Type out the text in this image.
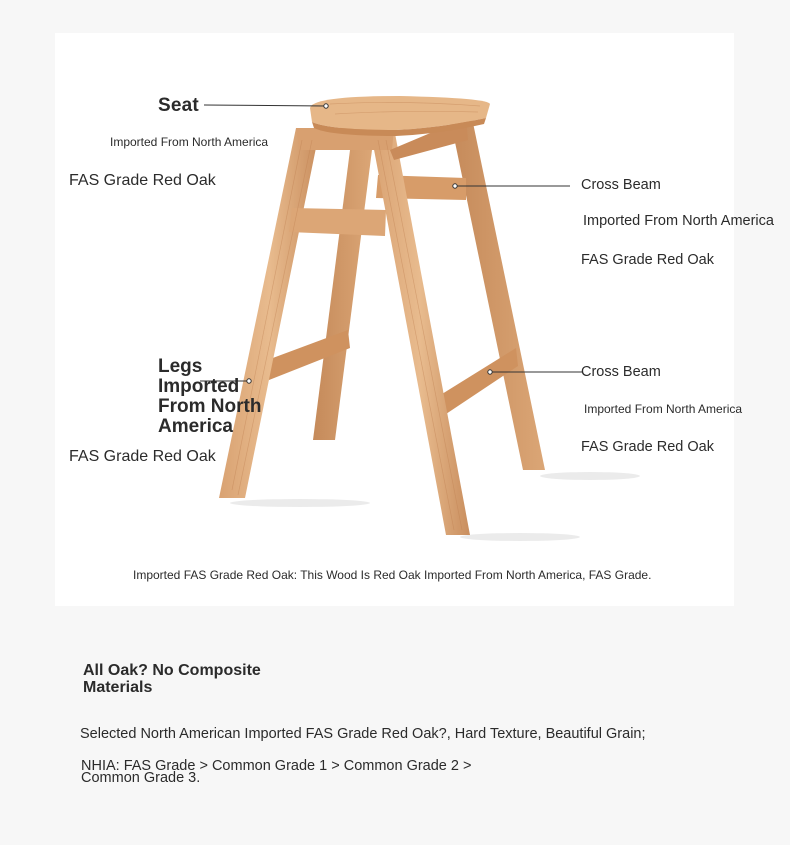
Seat
Imported From North America
FAS Grade Red Oak	Cross Beam
Imported From North America
FAS Grade Red Oak
Legs Imported From North America
FAS Grade Red Oak
Cross Beam
Imported From North America
FAS Grade Red Oak
Imported FAS Grade Red Oak: This Wood Is Red Oak Imported From North America, FAS Grade.
All Oak? No Composite Materials
Selected North American Imported FAS Grade Red Oak?, Hard Texture, Beautiful Grain;
NHIA: FAS Grade > Common Grade 1 > Common Grade 2 > Common Grade 3.
